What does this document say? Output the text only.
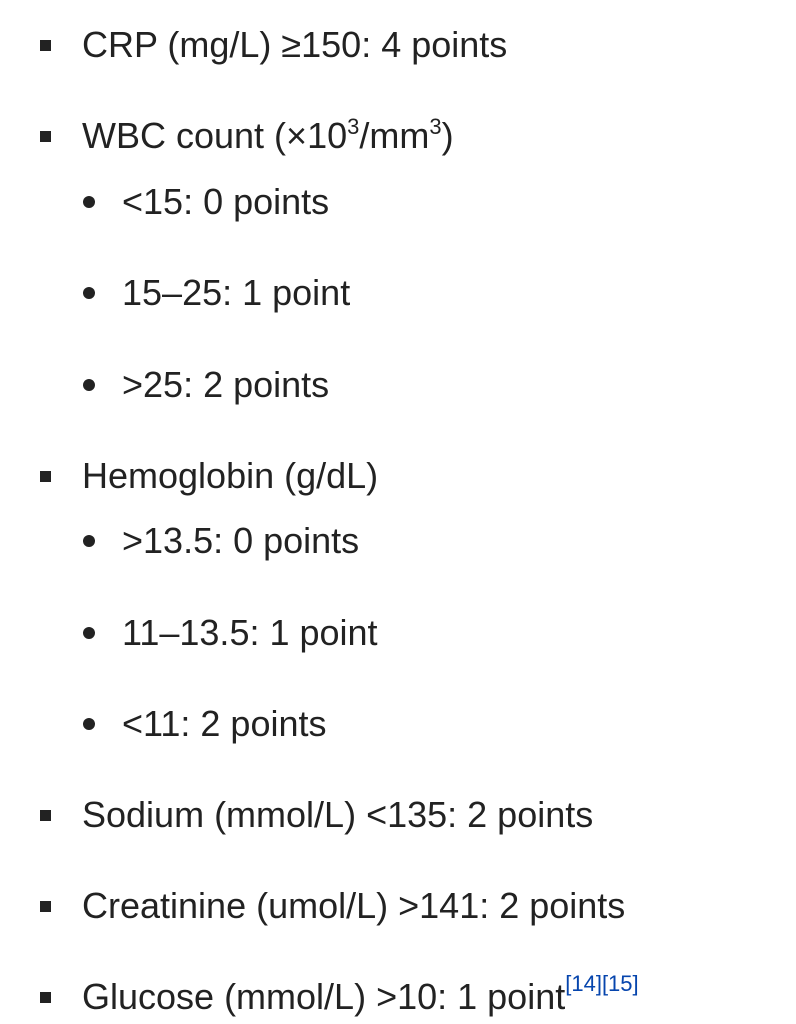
CRP (mg/L) ≥150: 4 points
WBC count $(\times 10^3/mm^3)$
<15: 0 points
15–25: 1 point
>25: 2 points
Hemoglobin (g/dL)
>13.5: 0 points
11–13.5: 1 point
<11: 2 points
Sodium (mmol/L) <135: 2 points
Creatinine (umol/L) >141: 2 points
Glucose (mmol/L) >10: 1 point[14][15]
